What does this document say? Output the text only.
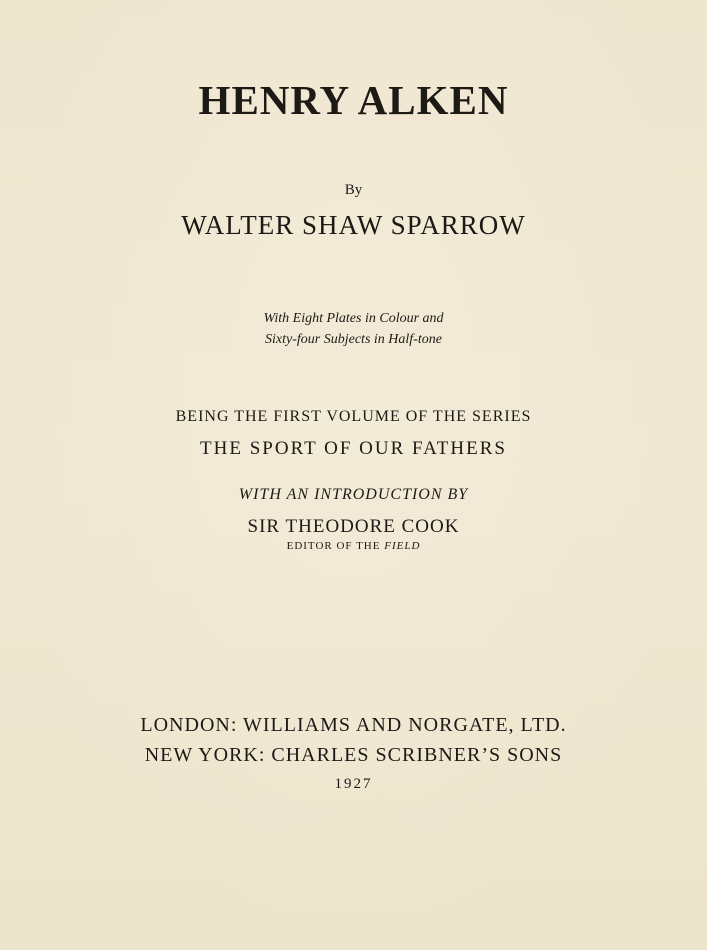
HENRY ALKEN

By

WALTER SHAW SPARROW

With Eight Plates in Colour and

Sixty-four Subjects in Half-tone

BEING THE FIRST VOLUME OF THE SERIES

THE SPORT OF OUR FATHERS

WITH AN INTRODUCTION BY

SIR THEODORE COOK

EDITOR OF THE FIELD

LONDON: WILLIAMS AND NORGATE, LTD.

NEW YORK: CHARLES SCRIBNER’S SONS

1927
